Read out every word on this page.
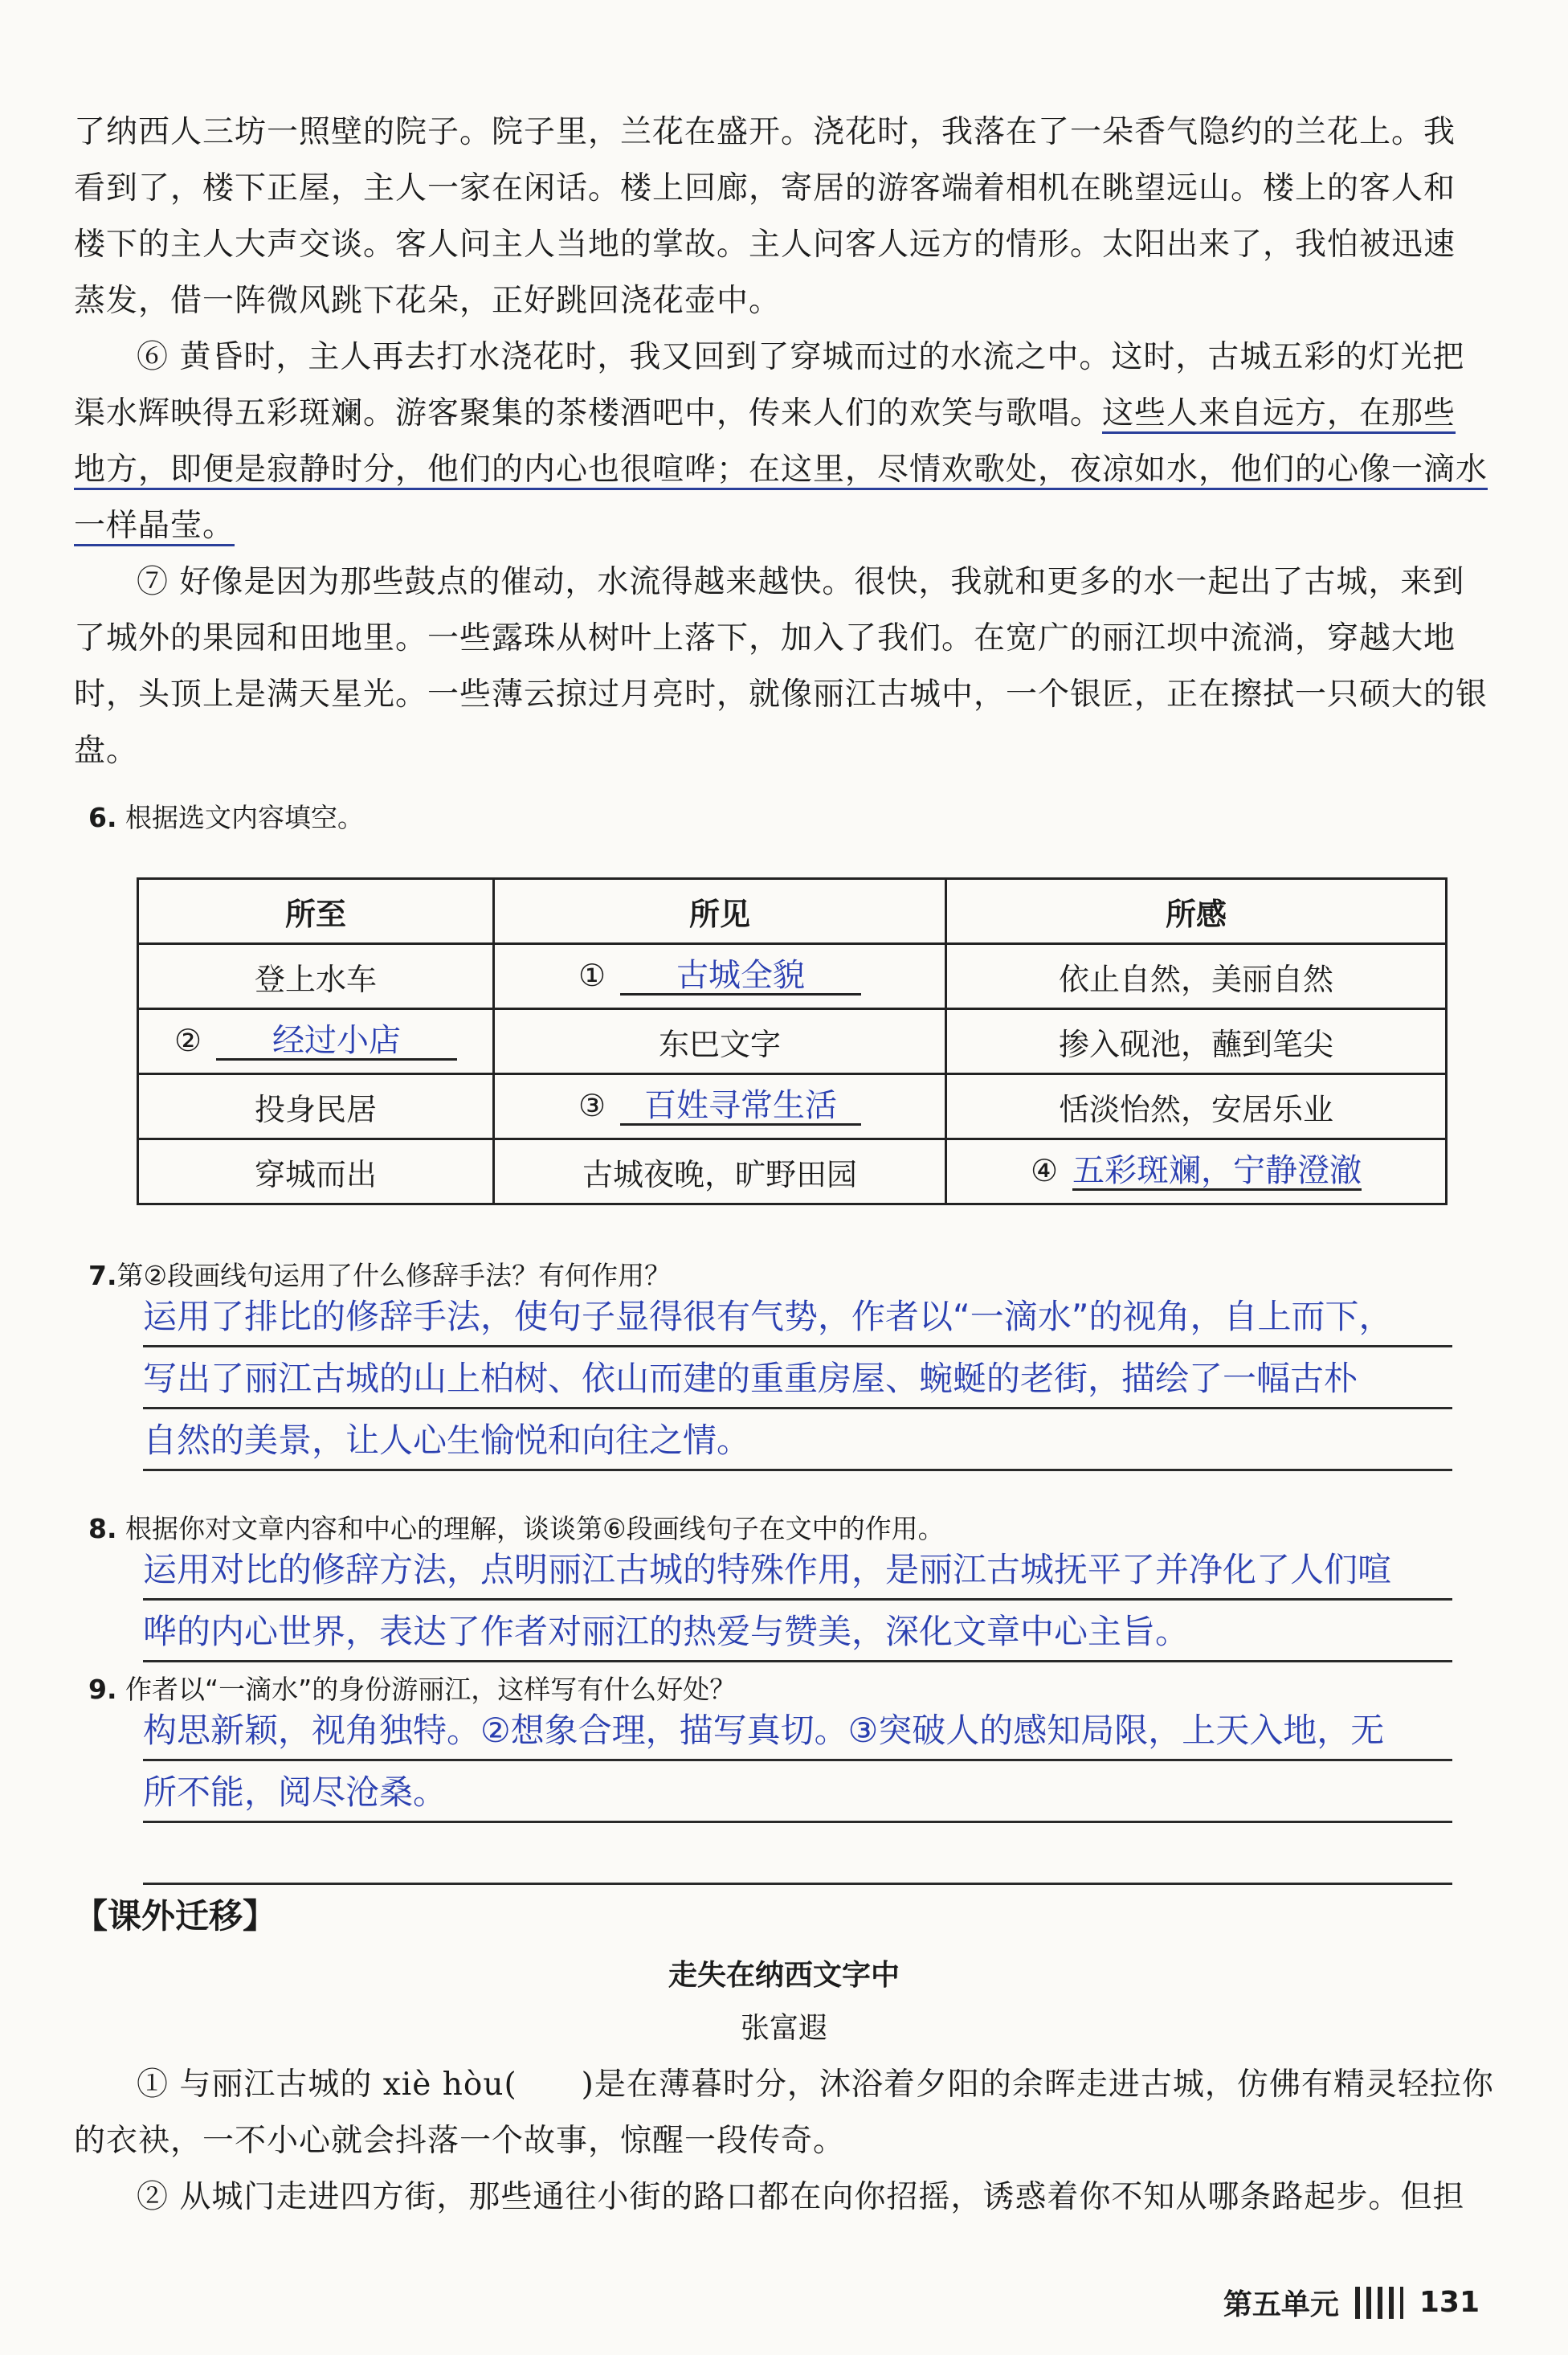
了纳西人三坊一照壁的院子。院子里，兰花在盛开。浇花时，我落在了一朵香气隐约的兰花上。我
看到了，楼下正屋，主人一家在闲话。楼上回廊，寄居的游客端着相机在眺望远山。楼上的客人和
楼下的主人大声交谈。客人问主人当地的掌故。主人问客人远方的情形。太阳出来了，我怕被迅速
蒸发，借一阵微风跳下花朵，正好跳回浇花壶中。
⑥ 黄昏时，主人再去打水浇花时，我又回到了穿城而过的水流之中。这时，古城五彩的灯光把
渠水辉映得五彩斑斓。游客聚集的茶楼酒吧中，传来人们的欢笑与歌唱。这些人来自远方，在那些
地方，即便是寂静时分，他们的内心也很喧哗；在这里，尽情欢歌处，夜凉如水，他们的心像一滴水
一样晶莹。
⑦ 好像是因为那些鼓点的催动，水流得越来越快。很快，我就和更多的水一起出了古城，来到
了城外的果园和田地里。一些露珠从树叶上落下，加入了我们。在宽广的丽江坝中流淌，穿越大地
时，头顶上是满天星光。一些薄云掠过月亮时，就像丽江古城中，一个银匠，正在擦拭一只硕大的银
盘。
6. 根据选文内容填空。
所至	所见	所感
登上水车	① 古城全貌	依止自然，美丽自然
② 经过小店	东巴文字	掺入砚池，蘸到笔尖
投身民居	③ 百姓寻常生活	恬淡怡然，安居乐业
穿城而出	古城夜晚，旷野田园	④ 五彩斑斓，宁静澄澈
7.第②段画线句运用了什么修辞手法？有何作用？
运用了排比的修辞手法，使句子显得很有气势，作者以“一滴水”的视角，自上而下，
写出了丽江古城的山上柏树、依山而建的重重房屋、蜿蜒的老街，描绘了一幅古朴
自然的美景，让人心生愉悦和向往之情。
8. 根据你对文章内容和中心的理解，谈谈第⑥段画线句子在文中的作用。
运用对比的修辞方法，点明丽江古城的特殊作用，是丽江古城抚平了并净化了人们喧
哗的内心世界，表达了作者对丽江的热爱与赞美，深化文章中心主旨。
9. 作者以“一滴水”的身份游丽江，这样写有什么好处？
构思新颖，视角独特。②想象合理，描写真切。③突破人的感知局限，上天入地，无
所不能，阅尽沧桑。
【课外迁移】
走失在纳西文字中
张富遐
① 与丽江古城的 xiè hòu(　　)是在薄暮时分，沐浴着夕阳的余晖走进古城，仿佛有精灵轻拉你
的衣袂，一不小心就会抖落一个故事，惊醒一段传奇。
② 从城门走进四方街，那些通往小街的路口都在向你招摇，诱惑着你不知从哪条路起步。但担
第五单元	131
